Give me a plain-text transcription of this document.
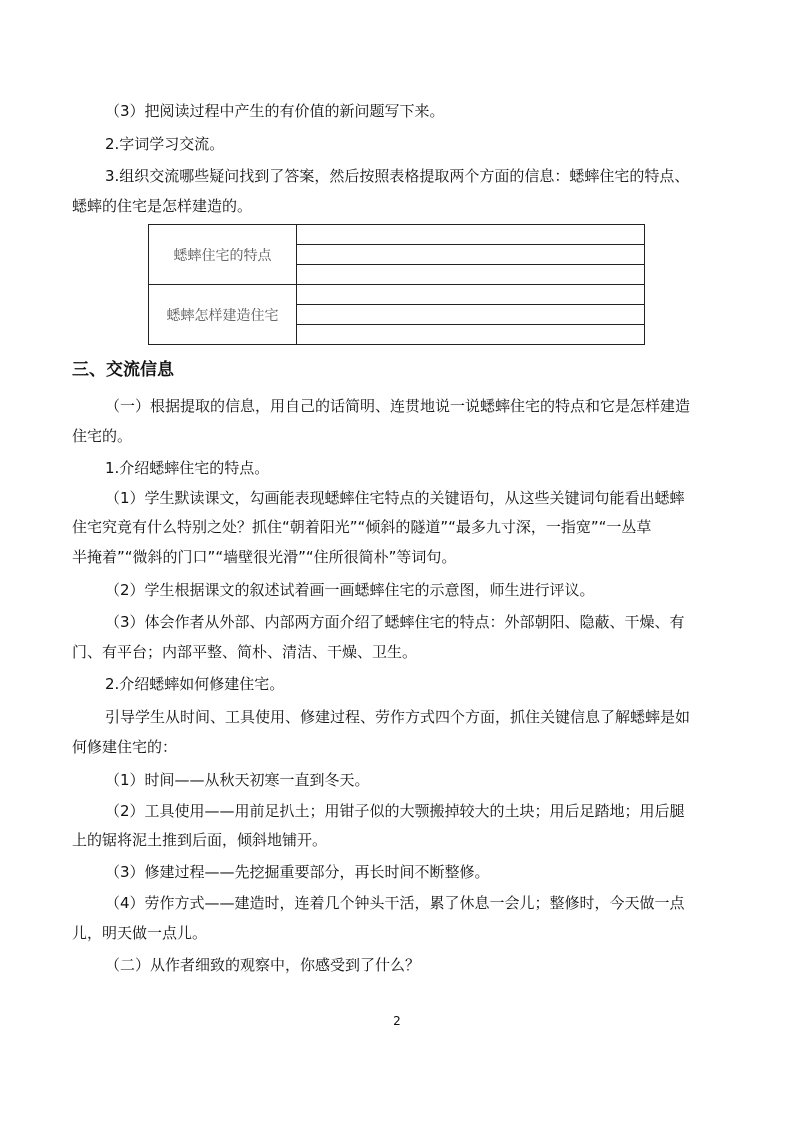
（3）把阅读过程中产生的有价值的新问题写下来。

2.字词学习交流。

3.组织交流哪些疑问找到了答案，然后按照表格提取两个方面的信息：蟋蟀住宅的特点、

蟋蟀的住宅是怎样建造的。

蟋蟀住宅的特点	

蟋蟀怎样建造住宅	

三、交流信息

（一）根据提取的信息，用自己的话简明、连贯地说一说蟋蟀住宅的特点和它是怎样建造

住宅的。

1.介绍蟋蟀住宅的特点。

（1）学生默读课文，勾画能表现蟋蟀住宅特点的关键语句，从这些关键词句能看出蟋蟀

住宅究竟有什么特别之处？抓住“朝着阳光”“倾斜的隧道”“最多九寸深，一指宽”“一丛草

半掩着”“微斜的门口”“墙壁很光滑”“住所很简朴”等词句。

（2）学生根据课文的叙述试着画一画蟋蟀住宅的示意图，师生进行评议。

（3）体会作者从外部、内部两方面介绍了蟋蟀住宅的特点：外部朝阳、隐蔽、干燥、有

门、有平台；内部平整、简朴、清洁、干燥、卫生。

2.介绍蟋蟀如何修建住宅。

引导学生从时间、工具使用、修建过程、劳作方式四个方面，抓住关键信息了解蟋蟀是如

何修建住宅的：

（1）时间——从秋天初寒一直到冬天。

（2）工具使用——用前足扒土；用钳子似的大颚搬掉较大的土块；用后足踏地；用后腿

上的锯将泥土推到后面，倾斜地铺开。

（3）修建过程——先挖掘重要部分，再长时间不断整修。

（4）劳作方式——建造时，连着几个钟头干活，累了休息一会儿；整修时，今天做一点

儿，明天做一点儿。

（二）从作者细致的观察中，你感受到了什么？

2
